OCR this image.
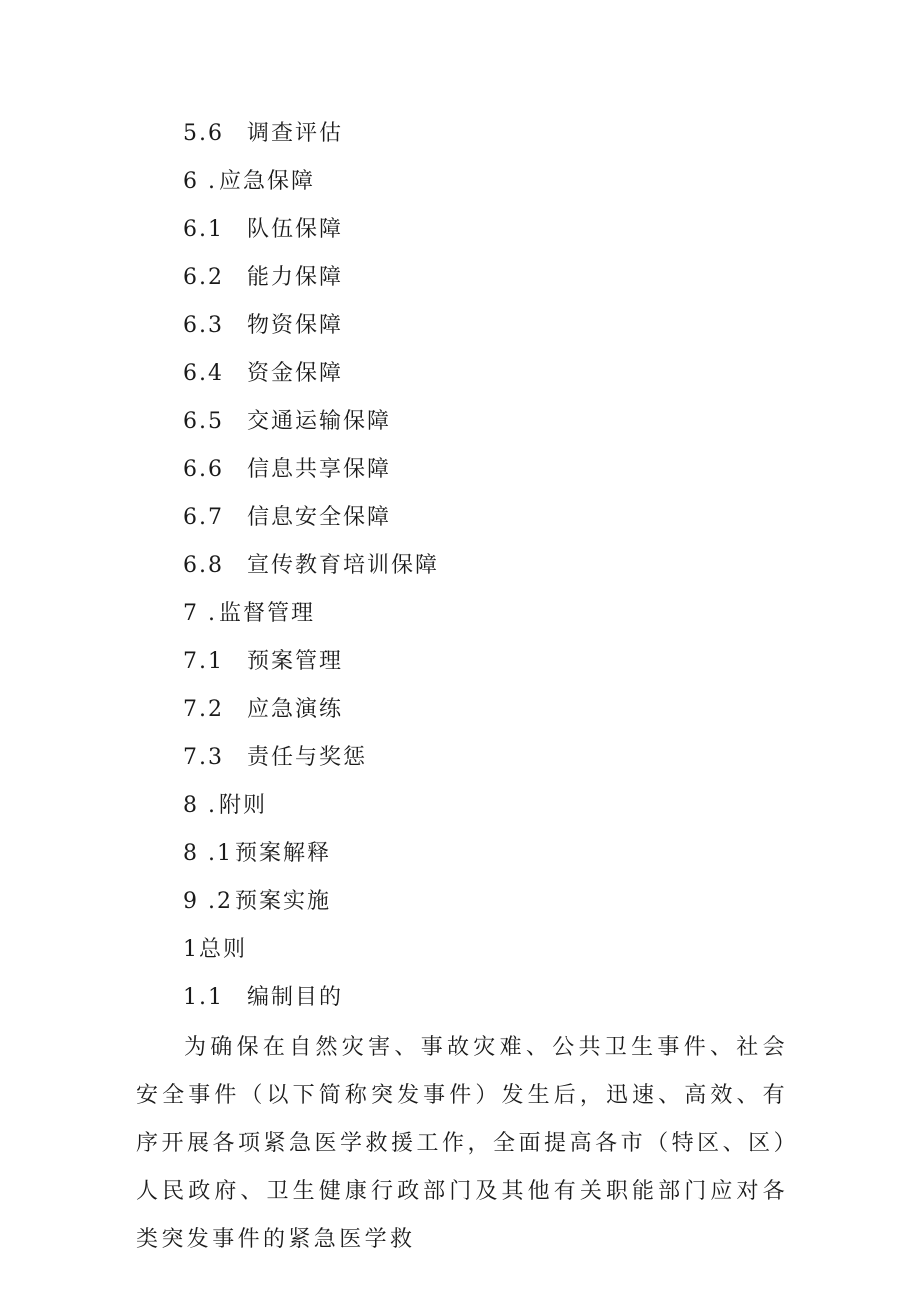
5.6 调查评估
6 .应急保障
6.1 队伍保障
6.2 能力保障
6.3 物资保障
6.4 资金保障
6.5 交通运输保障
6.6 信息共享保障
6.7 信息安全保障
6.8 宣传教育培训保障
7 .监督管理
7.1 预案管理
7.2 应急演练
7.3 责任与奖惩
8 .附则
8 .1预案解释
9 .2预案实施
1总则
1.1 编制目的

为确保在自然灾害、事故灾难、公共卫生事件、社会安全事件（以下简称突发事件）发生后，迅速、高效、有序开展各项紧急医学救援工作，全面提高各市（特区、区）人民政府、卫生健康行政部门及其他有关职能部门应对各类突发事件的紧急医学救
